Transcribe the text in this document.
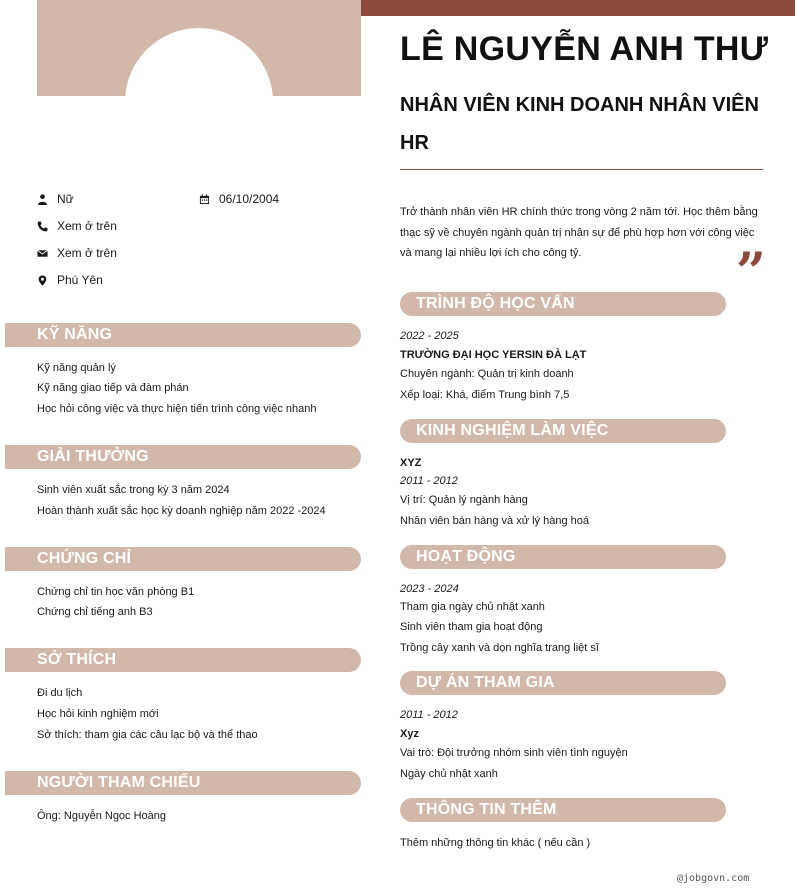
Nữ	06/10/2004
Xem ở trên
Xem ở trên
Phú Yên
KỸ NĂNG
Kỹ năng quản lý
Kỹ năng giao tiếp và đàm phán
Học hỏi công việc và thực hiện tiến trình công việc nhanh
GIẢI THƯỞNG
Sinh viên xuất sắc trong kỳ 3 năm 2024
Hoàn thành xuất sắc học kỳ doanh nghiệp năm 2022 -2024
CHỨNG CHỈ
Chứng chỉ tin học văn phòng B1
Chứng chỉ tiếng anh B3
SỞ THÍCH
Đi du lịch
Học hỏi kinh nghiệm mới
Sở thích: tham gia các câu lạc bộ và thể thao
NGƯỜI THAM CHIẾU
Ông: Nguyễn Ngọc Hoàng
LÊ NGUYỄN ANH THƯ
NHÂN VIÊN KINH DOANH NHÂN VIÊN HR
Trở thành nhân viên HR chính thức trong vòng 2 năm tới. Học thêm bằng thạc sỹ về chuyên ngành quản trị nhân sự để phù hợp hơn với công việc và mang lại nhiều lợi ích cho công tỷ.	”
TRÌNH ĐỘ HỌC VẤN
2022 - 2025
TRƯỜNG ĐẠI HỌC YERSIN ĐÀ LẠT
Chuyên ngành: Quản trị kinh doanh
Xếp loại: Khá, điểm Trung bình 7,5
KINH NGHIỆM LÀM VIỆC
XYZ
2011 - 2012
Vị trí: Quản lý ngành hàng
Nhân viên bán hàng và xử lý hàng hoá
HOẠT ĐỘNG
2023 - 2024
Tham gia ngày chủ nhật xanh
Sinh viên tham gia hoạt động
Trồng cây xanh và dọn nghĩa trang liệt sĩ
DỰ ÁN THAM GIA
2011 - 2012
Xyz
Vai trò: Đội trưởng nhóm sinh viên tình nguyện
Ngày chủ nhật xanh
THÔNG TIN THÊM
Thêm những thông tin khác ( nếu cần )
@jobgovn.com
